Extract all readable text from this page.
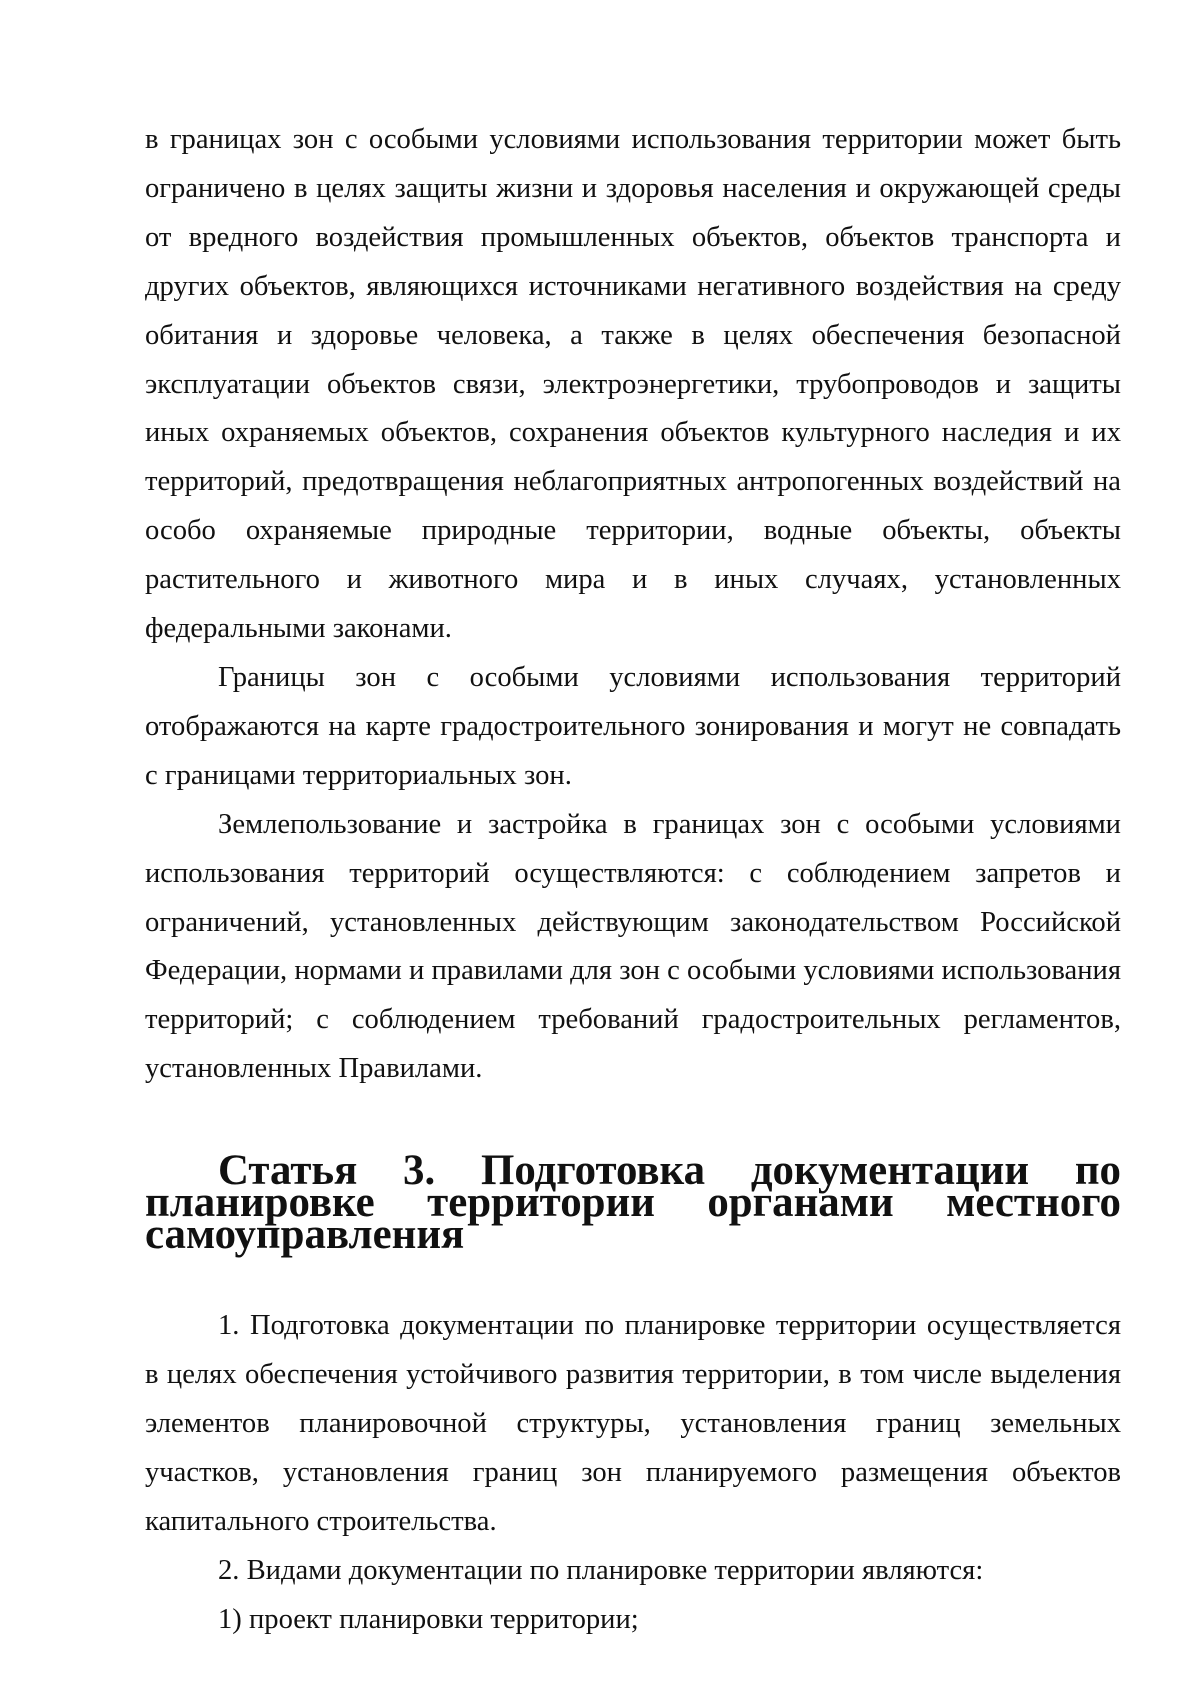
в границах зон с особыми условиями использования территории может быть ограничено в целях защиты жизни и здоровья населения и окружающей среды от вредного воздействия промышленных объектов, объектов транспорта и других объектов, являющихся источниками негативного воздействия на среду обитания и здоровье человека, а также в целях обеспечения безопасной эксплуатации объектов связи, электроэнергетики, трубопроводов и защиты иных охраняемых объектов, сохранения объектов культурного наследия и их территорий, предотвращения неблагоприятных антропогенных воздействий на особо охраняемые природные территории, водные объекты, объекты растительного и животного мира и в иных случаях, установленных федеральными законами.

Границы зон с особыми условиями использования территорий отображаются на карте градостроительного зонирования и могут не совпадать с границами территориальных зон.

Землепользование и застройка в границах зон с особыми условиями использования территорий осуществляются: с соблюдением запретов и ограничений, установленных действующим законодательством Российской Федерации, нормами и правилами для зон с особыми условиями использования территорий; с соблюдением требований градостроительных регламентов, установленных Правилами.

Статья 3. Подготовка документации по планировке территории органами местного самоуправления

1. Подготовка документации по планировке территории осуществляется в целях обеспечения устойчивого развития территории, в том числе выделения элементов планировочной структуры, установления границ земельных участков, установления границ зон планируемого размещения объектов капитального строительства.

2. Видами документации по планировке территории являются:

1) проект планировки территории;
